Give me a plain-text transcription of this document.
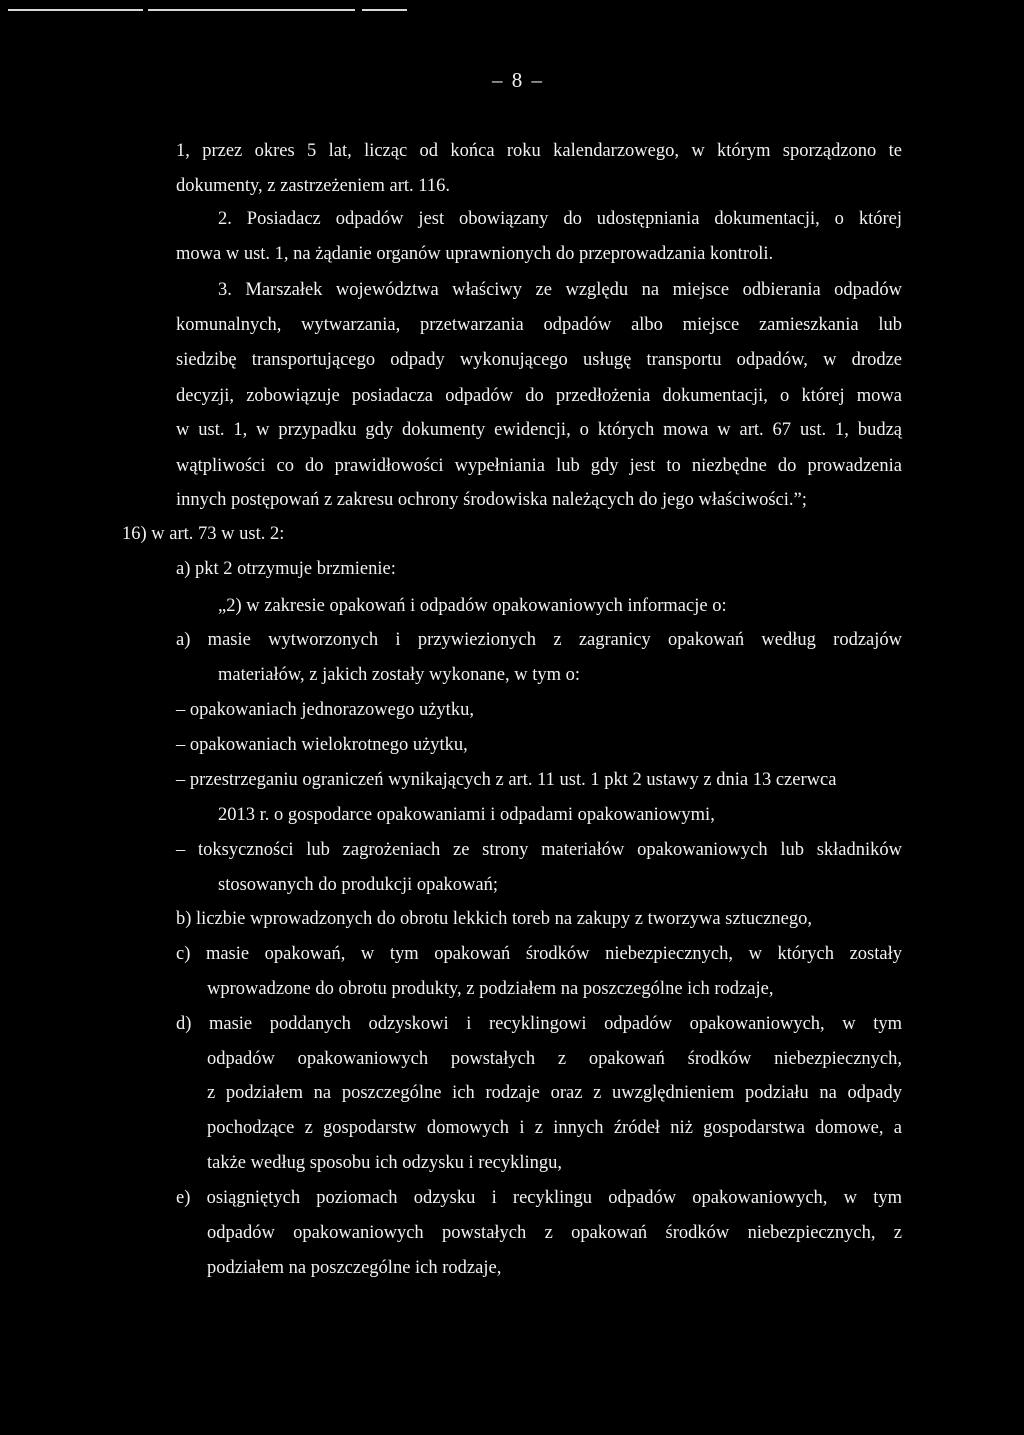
– 8 –

1, przez okres 5 lat, licząc od końca roku kalendarzowego, w którym sporządzono te

dokumenty, z zastrzeżeniem art. 116.

2. Posiadacz odpadów jest obowiązany do udostępniania dokumentacji, o której

mowa w ust. 1, na żądanie organów uprawnionych do przeprowadzania kontroli.

3. Marszałek województwa właściwy ze względu na miejsce odbierania odpadów

komunalnych, wytwarzania, przetwarzania odpadów albo miejsce zamieszkania lub

siedzibę transportującego odpady wykonującego usługę transportu odpadów, w drodze

decyzji, zobowiązuje posiadacza odpadów do przedłożenia dokumentacji, o której mowa

w ust. 1, w przypadku gdy dokumenty ewidencji, o których mowa w art. 67 ust. 1, budzą

wątpliwości co do prawidłowości wypełniania lub gdy jest to niezbędne do prowadzenia

innych postępowań z zakresu ochrony środowiska należących do jego właściwości.”;

16) w art. 73 w ust. 2:

a) pkt 2 otrzymuje brzmienie:

„2) w zakresie opakowań i odpadów opakowaniowych informacje o:

a) masie wytworzonych i przywiezionych z zagranicy opakowań według rodzajów

materiałów, z jakich zostały wykonane, w tym o:

– opakowaniach jednorazowego użytku,

– opakowaniach wielokrotnego użytku,

– przestrzeganiu ograniczeń wynikających z art. 11 ust. 1 pkt 2 ustawy z dnia 13 czerwca

2013 r. o gospodarce opakowaniami i odpadami opakowaniowymi,

– toksyczności lub zagrożeniach ze strony materiałów opakowaniowych lub składników

stosowanych do produkcji opakowań;

b) liczbie wprowadzonych do obrotu lekkich toreb na zakupy z tworzywa sztucznego,

c) masie opakowań, w tym opakowań środków niebezpiecznych, w których zostały

wprowadzone do obrotu produkty, z podziałem na poszczególne ich rodzaje,

d) masie poddanych odzyskowi i recyklingowi odpadów opakowaniowych, w tym

odpadów opakowaniowych powstałych z opakowań środków niebezpiecznych,

z podziałem na poszczególne ich rodzaje oraz z uwzględnieniem podziału na odpady

pochodzące z gospodarstw domowych i z innych źródeł niż gospodarstwa domowe, a

także według sposobu ich odzysku i recyklingu,

e) osiągniętych poziomach odzysku i recyklingu odpadów opakowaniowych, w tym

odpadów opakowaniowych powstałych z opakowań środków niebezpiecznych, z

podziałem na poszczególne ich rodzaje,
